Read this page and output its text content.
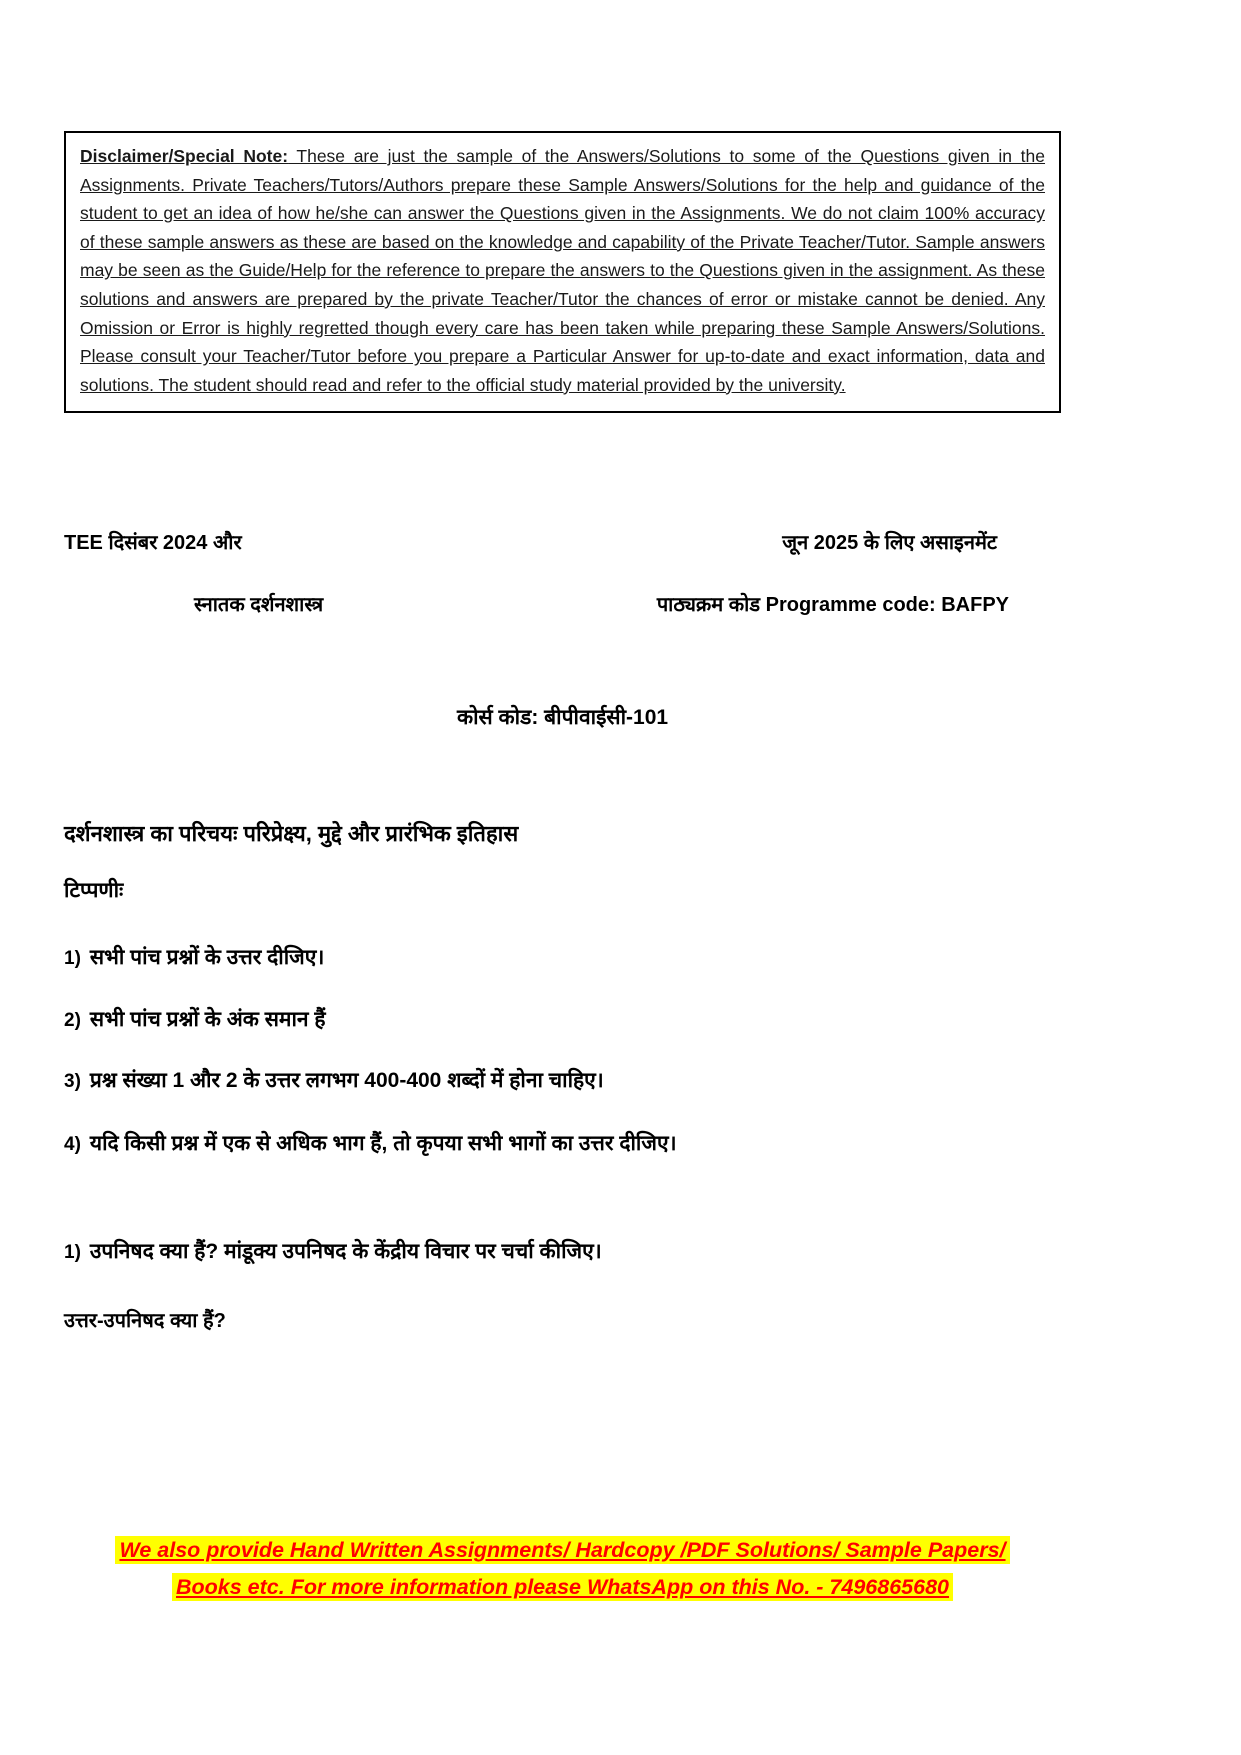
Disclaimer/Special Note: These are just the sample of the Answers/Solutions to some of the Questions given in the Assignments. Private Teachers/Tutors/Authors prepare these Sample Answers/Solutions for the help and guidance of the student to get an idea of how he/she can answer the Questions given in the Assignments. We do not claim 100% accuracy of these sample answers as these are based on the knowledge and capability of the Private Teacher/Tutor. Sample answers may be seen as the Guide/Help for the reference to prepare the answers to the Questions given in the assignment. As these solutions and answers are prepared by the private Teacher/Tutor the chances of error or mistake cannot be denied. Any Omission or Error is highly regretted though every care has been taken while preparing these Sample Answers/Solutions. Please consult your Teacher/Tutor before you prepare a Particular Answer for up-to-date and exact information, data and solutions. The student should read and refer to the official study material provided by the university.

TEE दिसंबर 2024 और	जून 2025 के लिए असाइनमेंट
स्नातक दर्शनशास्त्र	पाठ्यक्रम कोड Programme code: BAFPY
कोर्स कोड: बीपीवाईसी-101
दर्शनशास्त्र का परिचयः परिप्रेक्ष्य, मुद्दे और प्रारंभिक इतिहास
टिप्पणीः
1) सभी पांच प्रश्नों के उत्तर दीजिए।
2) सभी पांच प्रश्नों के अंक समान हैं
3) प्रश्न संख्या 1 और 2 के उत्तर लगभग 400-400 शब्दों में होना चाहिए।
4) यदि किसी प्रश्न में एक से अधिक भाग हैं, तो कृपया सभी भागों का उत्तर दीजिए।
1) उपनिषद क्या हैं? मांडूक्य उपनिषद के केंद्रीय विचार पर चर्चा कीजिए।
उत्तर-उपनिषद क्या हैं?
We also provide Hand Written Assignments/ Hardcopy /PDF Solutions/ Sample Papers/
Books etc. For more information please WhatsApp on this No. - 7496865680
